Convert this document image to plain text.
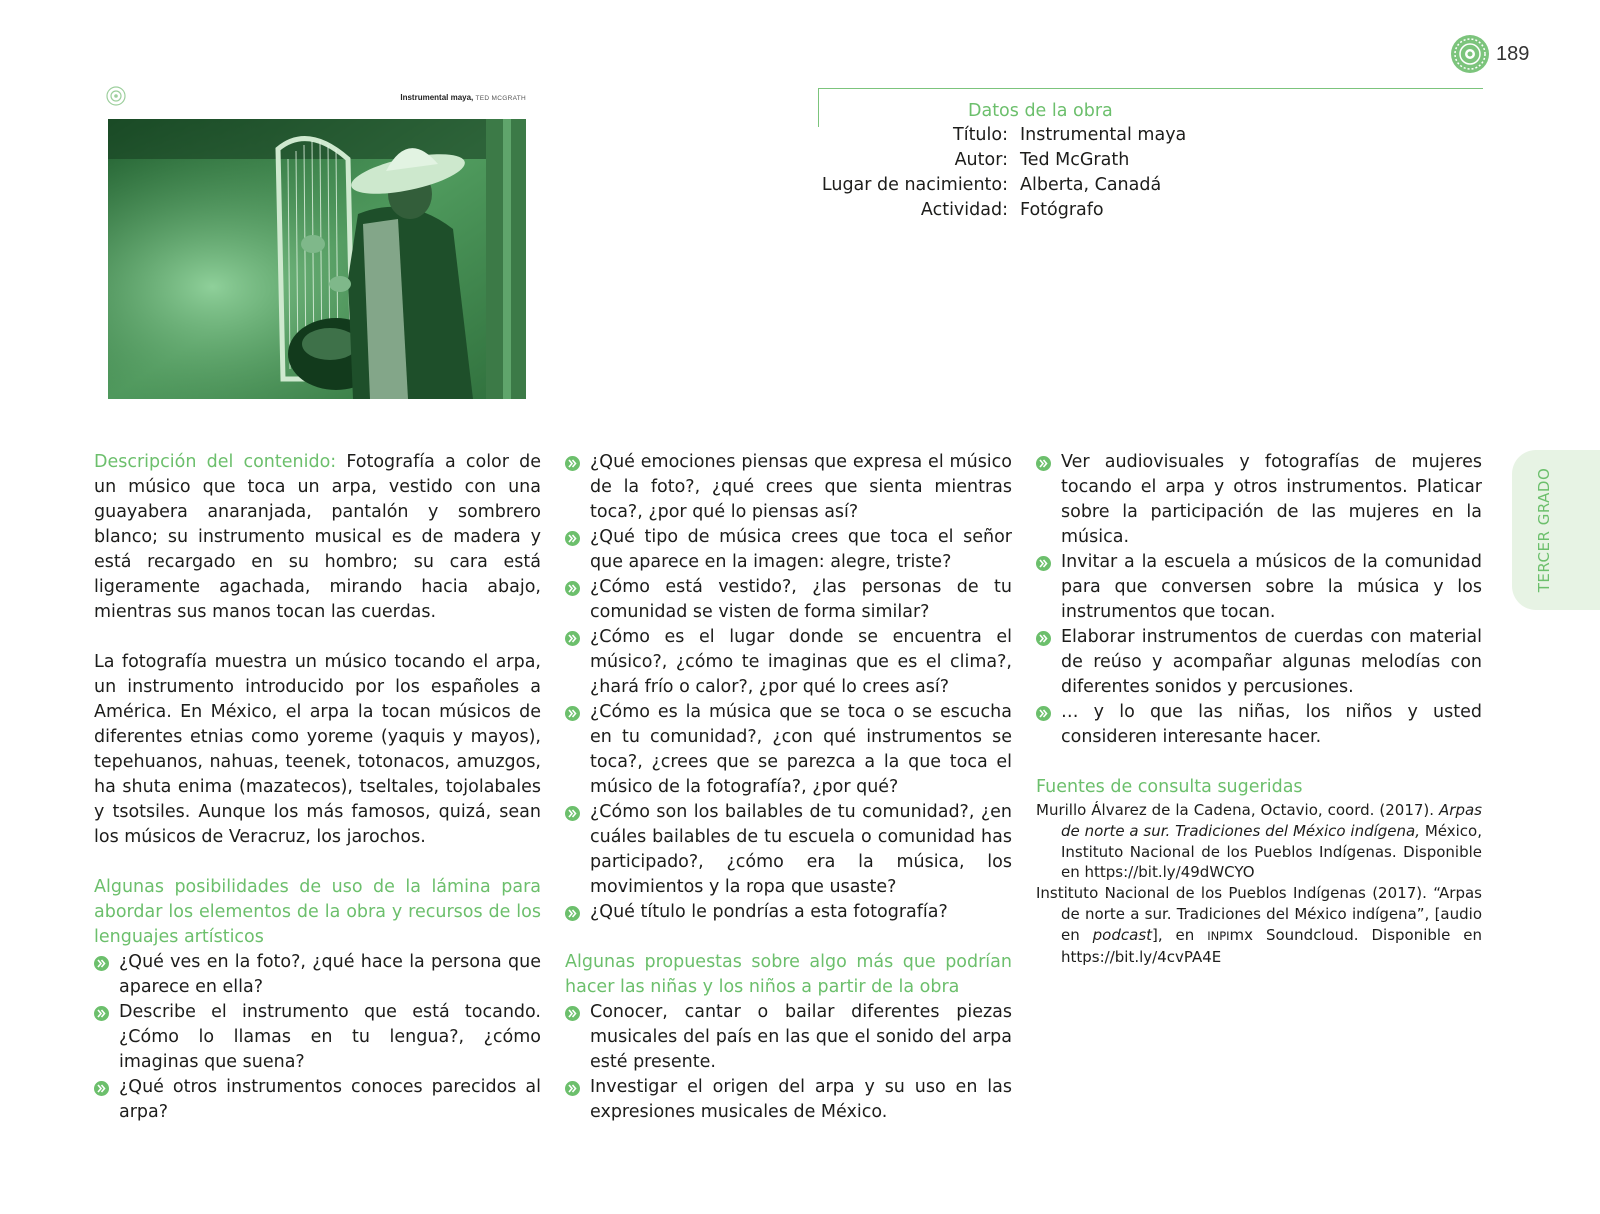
189
Instrumental maya, TED MCGRATH
Datos de la obra
Título:
Autor:
Lugar de nacimiento:
Actividad:
Instrumental maya
Ted McGrath
Alberta, Canadá
Fotógrafo
TERCER GRADO

Descripción del contenido: Fotografía a color de un músico que toca un arpa, vestido con una guayabera anaranjada, pantalón y sombrero blanco; su instrumento musical es de madera y está recargado en su hombro; su cara está ligeramente agachada, mirando hacia abajo, mientras sus manos tocan las cuerdas.

La fotografía muestra un músico tocando el arpa, un instrumento introducido por los españoles a América. En México, el arpa la tocan músicos de diferentes etnias como yoreme (yaquis y mayos), tepehuanos, nahuas, teenek, totonacos, amuzgos, ha shuta enima (mazatecos), tseltales, tojolabales y tsotsiles. Aunque los más famosos, quizá, sean los músicos de Veracruz, los jarochos.

Algunas posibilidades de uso de la lámina para abordar los elementos de la obra y recursos de los lenguajes artísticos
¿Qué ves en la foto?, ¿qué hace la persona que aparece en ella?
Describe el instrumento que está tocando. ¿Cómo lo llamas en tu lengua?, ¿cómo imaginas que suena?
¿Qué otros instrumentos conoces parecidos al arpa?
¿Qué emociones piensas que expresa el músico de la foto?, ¿qué crees que sienta mientras toca?, ¿por qué lo piensas así?
¿Qué tipo de música crees que toca el señor que aparece en la imagen: alegre, triste?
¿Cómo está vestido?, ¿las personas de tu comunidad se visten de forma similar?
¿Cómo es el lugar donde se encuentra el músico?, ¿cómo te imaginas que es el clima?, ¿hará frío o calor?, ¿por qué lo crees así?
¿Cómo es la música que se toca o se escucha en tu comunidad?, ¿con qué instrumentos se toca?, ¿crees que se parezca a la que toca el músico de la fotografía?, ¿por qué?
¿Cómo son los bailables de tu comunidad?, ¿en cuáles bailables de tu escuela o comunidad has participado?, ¿cómo era la música, los movimientos y la ropa que usaste?
¿Qué título le pondrías a esta fotografía?
Algunas propuestas sobre algo más que podrían hacer las niñas y los niños a partir de la obra
Conocer, cantar o bailar diferentes piezas musicales del país en las que el sonido del arpa esté presente.
Investigar el origen del arpa y su uso en las expresiones musicales de México.
Ver audiovisuales y fotografías de mujeres tocando el arpa y otros instrumentos. Platicar sobre la participación de las mujeres en la música.
Invitar a la escuela a músicos de la comunidad para que conversen sobre la música y los instrumentos que tocan.
Elaborar instrumentos de cuerdas con material de reúso y acompañar algunas melodías con diferentes sonidos y percusiones.
… y lo que las niñas, los niños y usted consideren interesante hacer.
Fuentes de consulta sugeridas

Murillo Álvarez de la Cadena, Octavio, coord. (2017). Arpas de norte a sur. Tradiciones del México indígena, México, Instituto Nacional de los Pueblos Indígenas. Disponible en https://bit.ly/49dWCYO

Instituto Nacional de los Pueblos Indígenas (2017). “Arpas de norte a sur. Tradiciones del México indígena”, [audio en podcast], en INPImx Soundcloud. Disponible en https://bit.ly/4cvPA4E
